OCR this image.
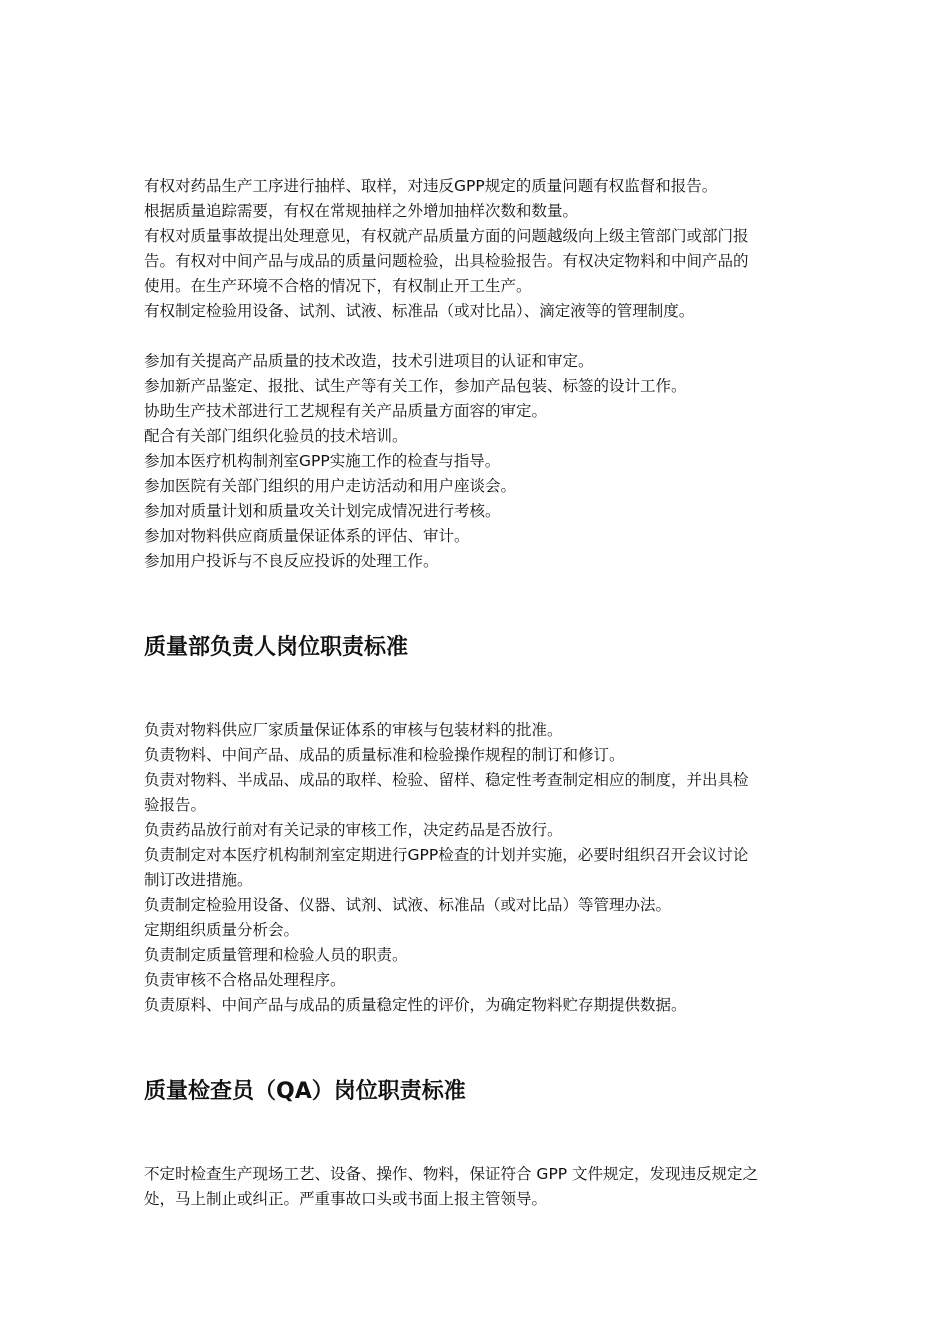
有权对药品生产工序进行抽样、取样，对违反GPP规定的质量问题有权监督和报告。
根据质量追踪需要，有权在常规抽样之外增加抽样次数和数量。
有权对质量事故提出处理意见，有权就产品质量方面的问题越级向上级主管部门或部门报
告。有权对中间产品与成品的质量问题检验，出具检验报告。有权决定物料和中间产品的
使用。在生产环境不合格的情况下，有权制止开工生产。
有权制定检验用设备、试剂、试液、标准品（或对比品）、滴定液等的管理制度。
参加有关提高产品质量的技术改造，技术引进项目的认证和审定。
参加新产品鉴定、报批、试生产等有关工作，参加产品包装、标签的设计工作。
协助生产技术部进行工艺规程有关产品质量方面容的审定。
配合有关部门组织化验员的技术培训。
参加本医疗机构制剂室GPP实施工作的检查与指导。
参加医院有关部门组织的用户走访活动和用户座谈会。
参加对质量计划和质量攻关计划完成情况进行考核。
参加对物料供应商质量保证体系的评估、审计。
参加用户投诉与不良反应投诉的处理工作。
质量部负责人岗位职责标准
负责对物料供应厂家质量保证体系的审核与包装材料的批准。
负责物料、中间产品、成品的质量标准和检验操作规程的制订和修订。
负责对物料、半成品、成品的取样、检验、留样、稳定性考查制定相应的制度，并出具检
验报告。
负责药品放行前对有关记录的审核工作，决定药品是否放行。
负责制定对本医疗机构制剂室定期进行GPP检查的计划并实施，必要时组织召开会议讨论
制订改进措施。
负责制定检验用设备、仪器、试剂、试液、标准品（或对比品）等管理办法。
定期组织质量分析会。
负责制定质量管理和检验人员的职责。
负责审核不合格品处理程序。
负责原料、中间产品与成品的质量稳定性的评价，为确定物料贮存期提供数据。
质量检查员（QA）岗位职责标准
不定时检查生产现场工艺、设备、操作、物料，保证符合 GPP 文件规定，发现违反规定之
处，马上制止或纠正。严重事故口头或书面上报主管领导。
